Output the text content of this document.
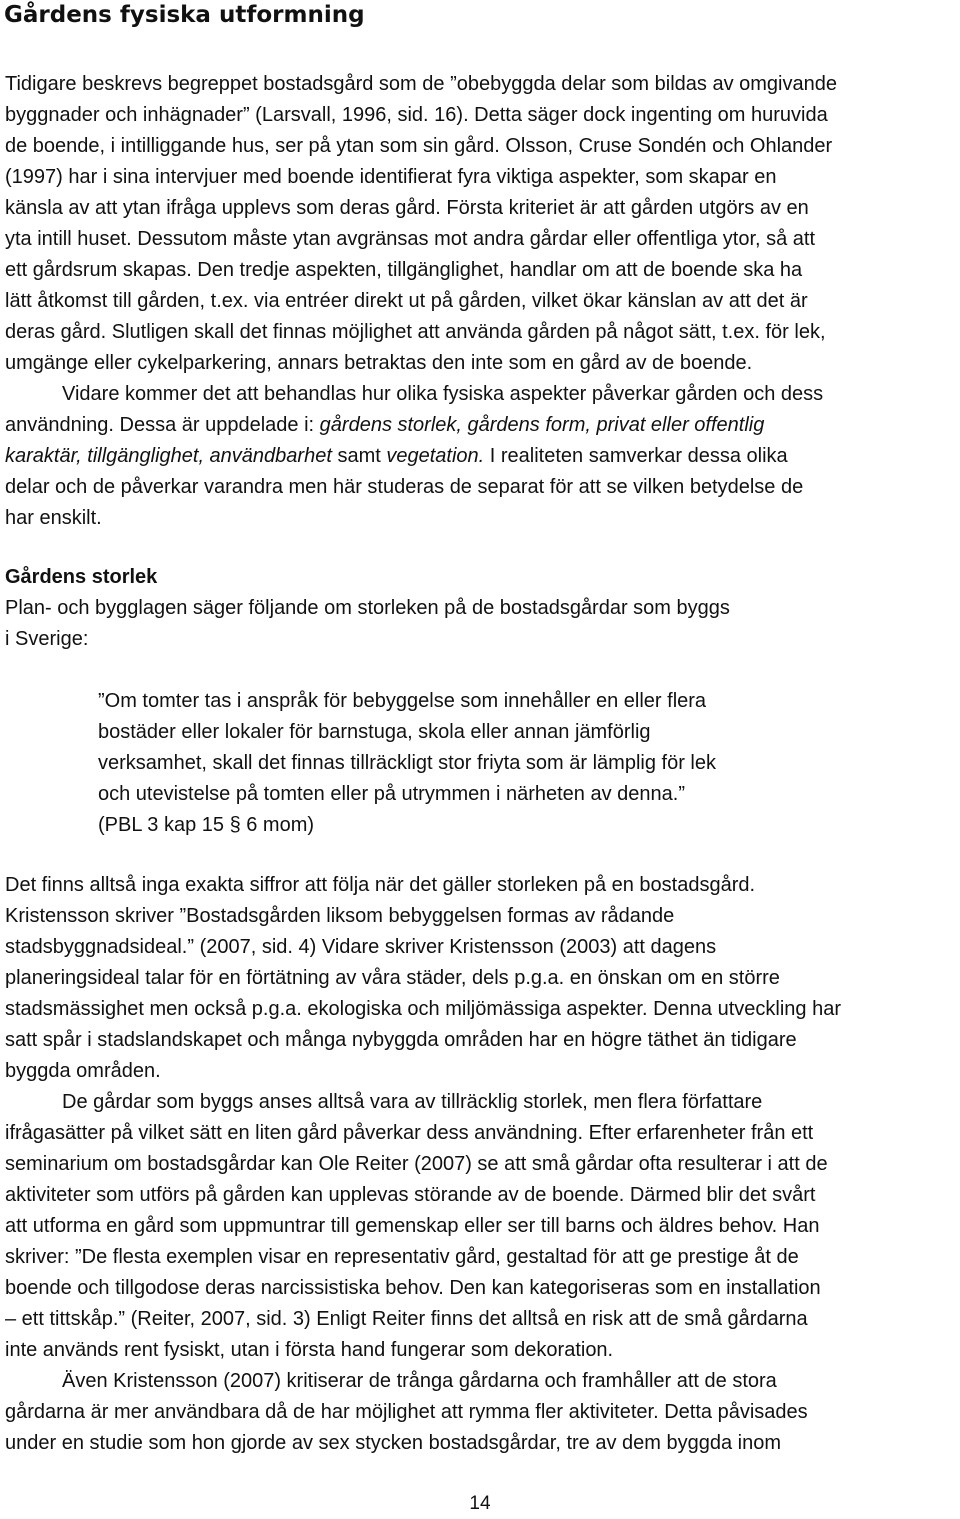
Gårdens fysiska utformning
Tidigare beskrevs begreppet bostadsgård som de ”obebyggda delar som bildas av omgivande
byggnader och inhägnader” (Larsvall, 1996, sid. 16). Detta säger dock ingenting om huruvida
de boende, i intilliggande hus, ser på ytan som sin gård. Olsson, Cruse Sondén och Ohlander
(1997) har i sina intervjuer med boende identifierat fyra viktiga aspekter, som skapar en
känsla av att ytan ifråga upplevs som deras gård. Första kriteriet är att gården utgörs av en
yta intill huset. Dessutom måste ytan avgränsas mot andra gårdar eller offentliga ytor, så att
ett gårdsrum skapas. Den tredje aspekten, tillgänglighet, handlar om att de boende ska ha
lätt åtkomst till gården, t.ex. via entréer direkt ut på gården, vilket ökar känslan av att det är
deras gård. Slutligen skall det finnas möjlighet att använda gården på något sätt, t.ex. för lek,
umgänge eller cykelparkering, annars betraktas den inte som en gård av de boende.
Vidare kommer det att behandlas hur olika fysiska aspekter påverkar gården och dess
användning. Dessa är uppdelade i: gårdens storlek, gårdens form, privat eller offentlig
karaktär, tillgänglighet, användbarhet samt vegetation. I realiteten samverkar dessa olika
delar och de påverkar varandra men här studeras de separat för att se vilken betydelse de
har enskilt.
Gårdens storlek
Plan- och bygglagen säger följande om storleken på de bostadsgårdar som byggs
i Sverige:
”Om tomter tas i anspråk för bebyggelse som innehåller en eller flera
bostäder eller lokaler för barnstuga, skola eller annan jämförlig
verksamhet, skall det finnas tillräckligt stor friyta som är lämplig för lek
och utevistelse på tomten eller på utrymmen i närheten av denna.”
(PBL 3 kap 15 § 6 mom)
Det finns alltså inga exakta siffror att följa när det gäller storleken på en bostadsgård.
Kristensson skriver ”Bostadsgården liksom bebyggelsen formas av rådande
stadsbyggnadsideal.” (2007, sid. 4) Vidare skriver Kristensson (2003) att dagens
planeringsideal talar för en förtätning av våra städer, dels p.g.a. en önskan om en större
stadsmässighet men också p.g.a. ekologiska och miljömässiga aspekter. Denna utveckling har
satt spår i stadslandskapet och många nybyggda områden har en högre täthet än tidigare
byggda områden.
De gårdar som byggs anses alltså vara av tillräcklig storlek, men flera författare
ifrågasätter på vilket sätt en liten gård påverkar dess användning. Efter erfarenheter från ett
seminarium om bostadsgårdar kan Ole Reiter (2007) se att små gårdar ofta resulterar i att de
aktiviteter som utförs på gården kan upplevas störande av de boende. Därmed blir det svårt
att utforma en gård som uppmuntrar till gemenskap eller ser till barns och äldres behov. Han
skriver: ”De flesta exemplen visar en representativ gård, gestaltad för att ge prestige åt de
boende och tillgodose deras narcissistiska behov. Den kan kategoriseras som en installation
– ett tittskåp.” (Reiter, 2007, sid. 3) Enligt Reiter finns det alltså en risk att de små gårdarna
inte används rent fysiskt, utan i första hand fungerar som dekoration.
Även Kristensson (2007) kritiserar de trånga gårdarna och framhåller att de stora
gårdarna är mer användbara då de har möjlighet att rymma fler aktiviteter. Detta påvisades
under en studie som hon gjorde av sex stycken bostadsgårdar, tre av dem byggda inom
14
